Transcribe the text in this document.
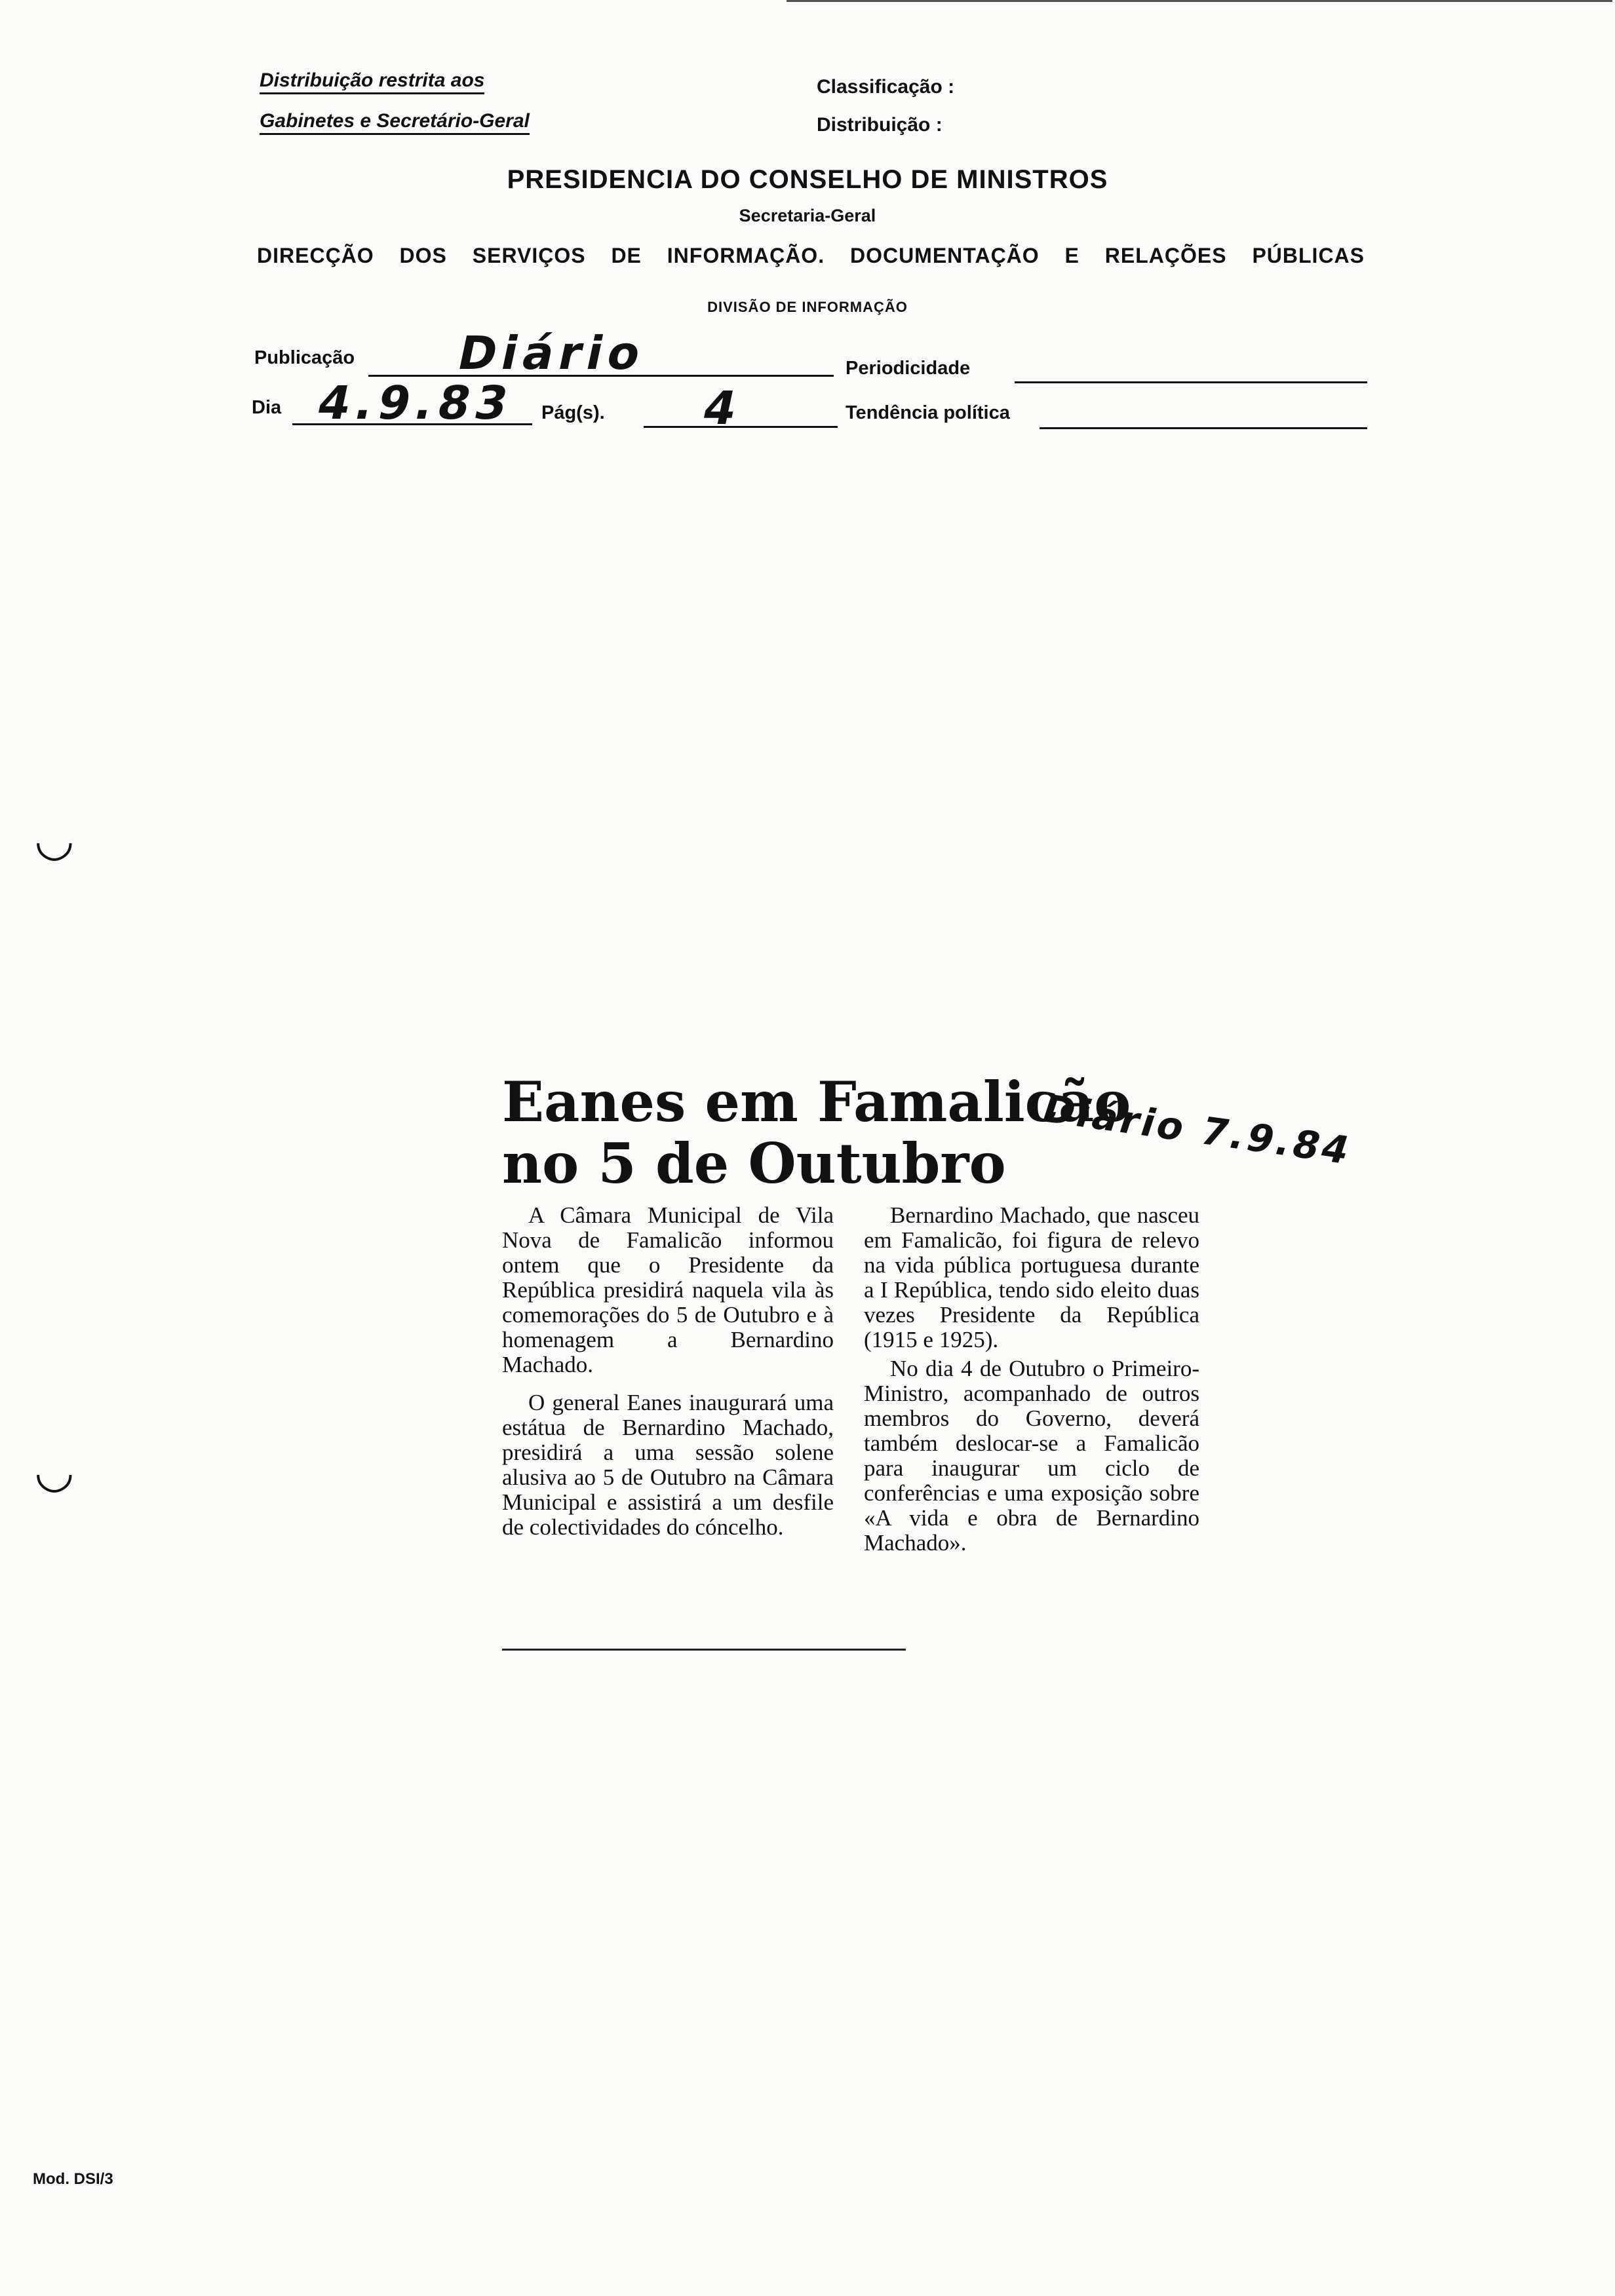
Distribuição restrita aos
Gabinetes e Secretário-Geral
Classificação :
Distribuição :
PRESIDENCIA DO CONSELHO DE MINISTROS
Secretaria-Geral
DIRECÇÃO DOS SERVIÇOS DE INFORMAÇÃO. DOCUMENTAÇÃO E RELAÇÕES PÚBLICAS
DIVISÃO DE INFORMAÇÃO
Publicação Diário	Periodicidade
Dia 4.9.83 Pág(s). 4	Tendência política
◡
◡
Eanes em Famalicão
no 5 de Outubro Diário 7.9.84

A Câmara Municipal de Vila Nova de Famalicão informou ontem que o Presidente da República presidirá naquela vila às comemorações do 5 de Outubro e à homenagem a Bernardino Machado.

O general Eanes inaugurará uma estátua de Bernardino Machado, presidirá a uma sessão solene alusiva ao 5 de Outubro na Câmara Municipal e assistirá a um desfile de colectividades do cóncelho.

Bernardino Machado, que nasceu em Famalicão, foi figura de relevo na vida pública portuguesa durante a I República, tendo sido eleito duas vezes Presidente da República (1915 e 1925).

No dia 4 de Outubro o Primeiro-Ministro, acompanhado de outros membros do Governo, deverá também deslocar-se a Famalicão para inaugurar um ciclo de conferências e uma exposição sobre «A vida e obra de Bernardino Machado».

Mod. DSI/3
